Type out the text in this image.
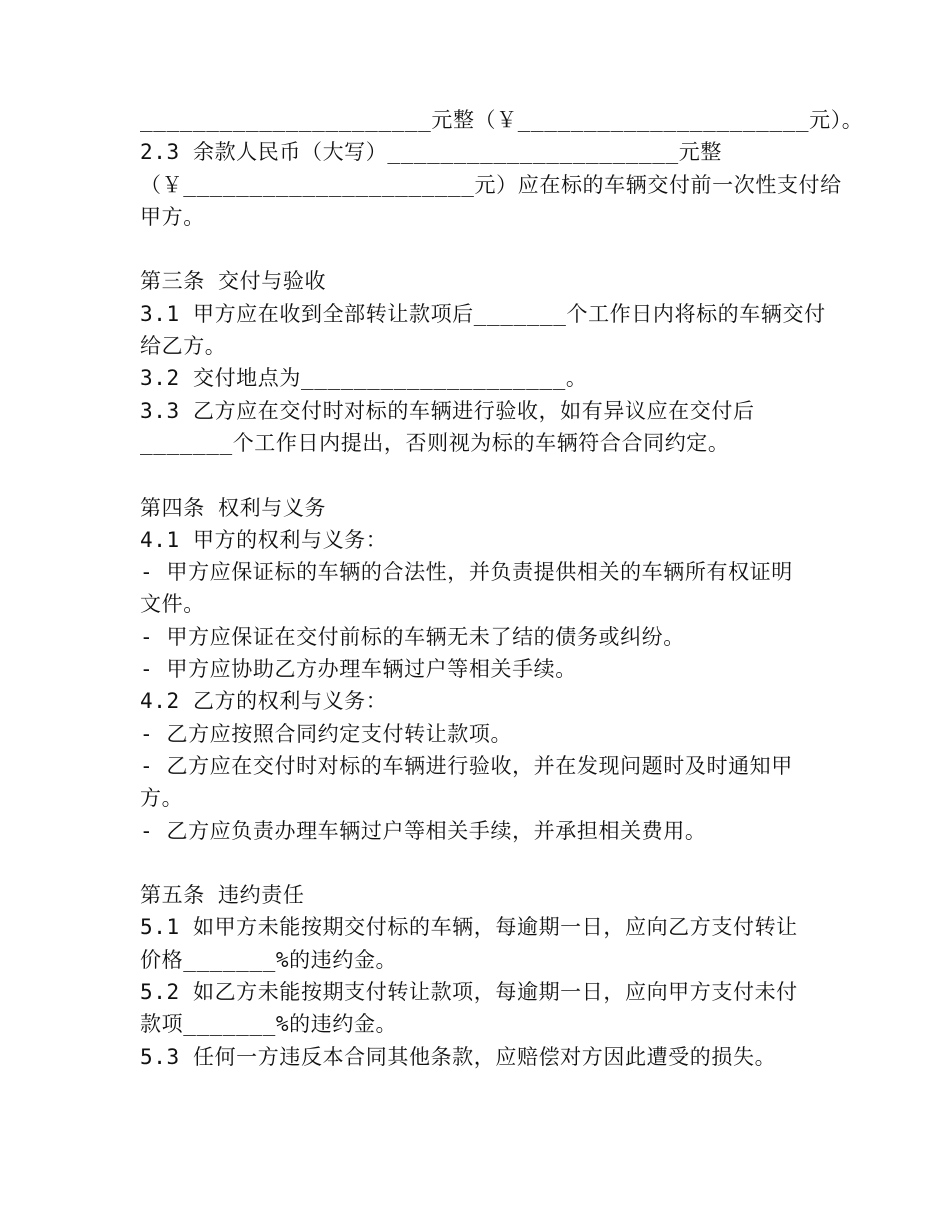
______________________元整（￥______________________元）。
2.3 余款人民币（大写）______________________元整
（￥______________________元）应在标的车辆交付前一次性支付给
甲方。
第三条 交付与验收
3.1 甲方应在收到全部转让款项后_______个工作日内将标的车辆交付
给乙方。
3.2 交付地点为____________________。
3.3 乙方应在交付时对标的车辆进行验收，如有异议应在交付后
_______个工作日内提出，否则视为标的车辆符合合同约定。
第四条 权利与义务
4.1 甲方的权利与义务：
- 甲方应保证标的车辆的合法性，并负责提供相关的车辆所有权证明
文件。
- 甲方应保证在交付前标的车辆无未了结的债务或纠纷。
- 甲方应协助乙方办理车辆过户等相关手续。
4.2 乙方的权利与义务：
- 乙方应按照合同约定支付转让款项。
- 乙方应在交付时对标的车辆进行验收，并在发现问题时及时通知甲
方。
- 乙方应负责办理车辆过户等相关手续，并承担相关费用。
第五条 违约责任
5.1 如甲方未能按期交付标的车辆，每逾期一日，应向乙方支付转让
价格_______%的违约金。
5.2 如乙方未能按期支付转让款项，每逾期一日，应向甲方支付未付
款项_______%的违约金。
5.3 任何一方违反本合同其他条款，应赔偿对方因此遭受的损失。
